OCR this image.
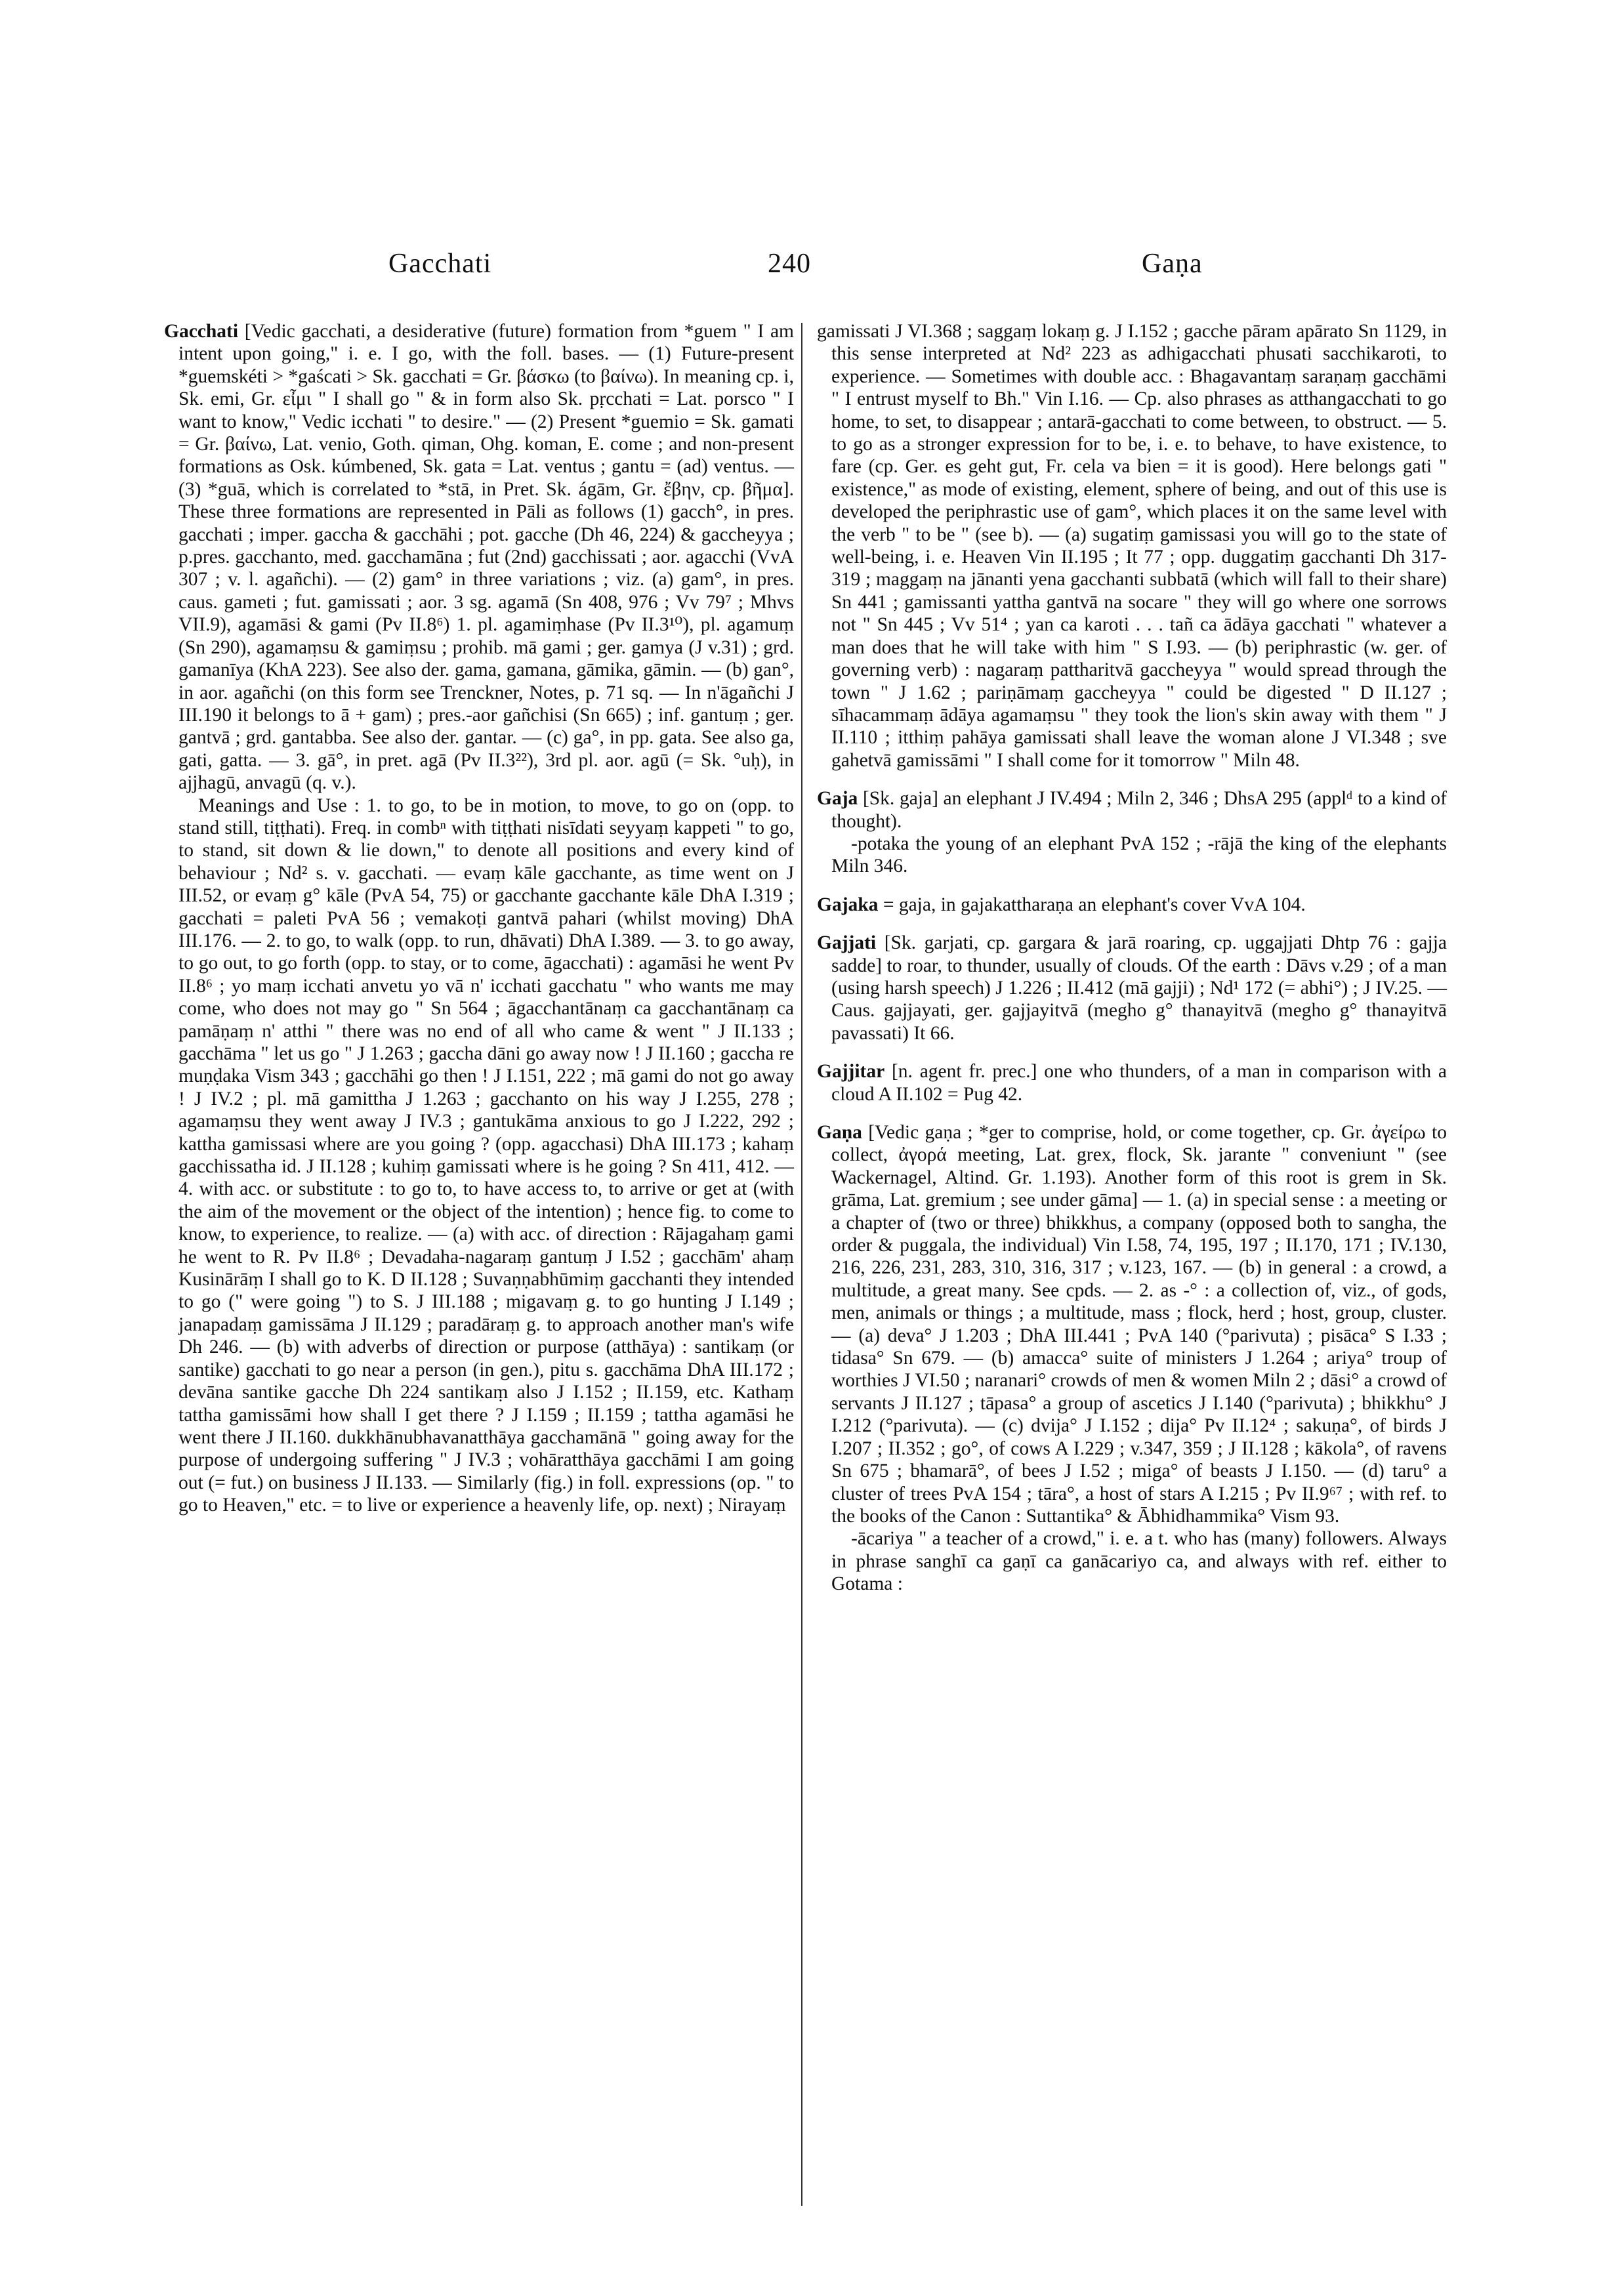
Gacchati	240	Gaṇa

Gacchati [Vedic gacchati, a desiderative (future) formation from *guem " I am intent upon going," i. e. I go, with the foll. bases. — (1) Future-present *guemskéti > *gaścati > Sk. gacchati = Gr. βάσκω (to βαίνω). In meaning cp. i, Sk. emi, Gr. εἶμι " I shall go " & in form also Sk. pṛcchati = Lat. porsco " I want to know," Vedic icchati " to desire." — (2) Present *guemio = Sk. gamati = Gr. βαίνω, Lat. venio, Goth. qiman, Ohg. koman, E. come ; and non-present formations as Osk. kúmbened, Sk. gata = Lat. ventus ; gantu = (ad) ventus. — (3) *guā, which is correlated to *stā, in Pret. Sk. ágām, Gr. ἔβην, cp. βῆμα]. These three formations are represented in Pāli as follows (1) gacch°, in pres. gacchati ; imper. gaccha & gacchāhi ; pot. gacche (Dh 46, 224) & gaccheyya ; p.pres. gacchanto, med. gacchamāna ; fut (2nd) gacchissati ; aor. agacchi (VvA 307 ; v. l. agañchi). — (2) gam° in three variations ; viz. (a) gam°, in pres. caus. gameti ; fut. gamissati ; aor. 3 sg. agamā (Sn 408, 976 ; Vv 79⁷ ; Mhvs VII.9), agamāsi & gami (Pv II.8⁶) 1. pl. agamiṃhase (Pv II.3¹⁰), pl. agamuṃ (Sn 290), agamaṃsu & gamiṃsu ; prohib. mā gami ; ger. gamya (J v.31) ; grd. gamanīya (KhA 223). See also der. gama, gamana, gāmika, gāmin. — (b) gan°, in aor. agañchi (on this form see Trenckner, Notes, p. 71 sq. — In n'āgañchi J III.190 it belongs to ā + gam) ; pres.-aor gañchisi (Sn 665) ; inf. gantuṃ ; ger. gantvā ; grd. gantabba. See also der. gantar. — (c) ga°, in pp. gata. See also ga, gati, gatta. — 3. gā°, in pret. agā (Pv II.3²²), 3rd pl. aor. agū (= Sk. °uḥ), in ajjhagū, anvagū (q. v.).

Meanings and Use : 1. to go, to be in motion, to move, to go on (opp. to stand still, tiṭṭhati). Freq. in combⁿ with tiṭṭhati nisīdati seyyaṃ kappeti " to go, to stand, sit down & lie down," to denote all positions and every kind of behaviour ; Nd² s. v. gacchati. — evaṃ kāle gacchante, as time went on J III.52, or evaṃ g° kāle (PvA 54, 75) or gacchante gacchante kāle DhA I.319 ; gacchati = paleti PvA 56 ; vemakoṭi gantvā pahari (whilst moving) DhA III.176. — 2. to go, to walk (opp. to run, dhāvati) DhA I.389. — 3. to go away, to go out, to go forth (opp. to stay, or to come, āgacchati) : agamāsi he went Pv II.8⁶ ; yo maṃ icchati anvetu yo vā n' icchati gacchatu " who wants me may come, who does not may go " Sn 564 ; āgacchantānaṃ ca gacchantānaṃ ca pamāṇaṃ n' atthi " there was no end of all who came & went " J II.133 ; gacchāma " let us go " J 1.263 ; gaccha dāni go away now ! J II.160 ; gaccha re muṇḍaka Vism 343 ; gacchāhi go then ! J I.151, 222 ; mā gami do not go away ! J IV.2 ; pl. mā gamittha J 1.263 ; gacchanto on his way J I.255, 278 ; agamaṃsu they went away J IV.3 ; gantukāma anxious to go J I.222, 292 ; kattha gamissasi where are you going ? (opp. agacchasi) DhA III.173 ; kahaṃ gacchissatha id. J II.128 ; kuhiṃ gamissati where is he going ? Sn 411, 412. — 4. with acc. or substitute : to go to, to have access to, to arrive or get at (with the aim of the movement or the object of the intention) ; hence fig. to come to know, to experience, to realize. — (a) with acc. of direction : Rājagahaṃ gami he went to R. Pv II.8⁶ ; Devadaha-nagaraṃ gantuṃ J I.52 ; gacchām' ahaṃ Kusinārāṃ I shall go to K. D II.128 ; Suvaṇṇabhūmiṃ gacchanti they intended to go (" were going ") to S. J III.188 ; migavaṃ g. to go hunting J I.149 ; janapadaṃ gamissāma J II.129 ; paradāraṃ g. to approach another man's wife Dh 246. — (b) with adverbs of direction or purpose (atthāya) : santikaṃ (or santike) gacchati to go near a person (in gen.), pitu s. gacchāma DhA III.172 ; devāna santike gacche Dh 224 santikaṃ also J I.152 ; II.159, etc. Kathaṃ tattha gamissāmi how shall I get there ? J I.159 ; II.159 ; tattha agamāsi he went there J II.160. dukkhānubhavanatthāya gacchamānā " going away for the purpose of undergoing suffering " J IV.3 ; vohāratthāya gacchāmi I am going out (= fut.) on business J II.133. — Similarly (fig.) in foll. expressions (op. " to go to Heaven," etc. = to live or experience a heavenly life, op. next) ; Nirayaṃ

gamissati J VI.368 ; saggaṃ lokaṃ g. J I.152 ; gacche pāram apārato Sn 1129, in this sense interpreted at Nd² 223 as adhigacchati phusati sacchikaroti, to experience. — Sometimes with double acc. : Bhagavantaṃ saraṇaṃ gacchāmi " I entrust myself to Bh." Vin I.16. — Cp. also phrases as atthangacchati to go home, to set, to disappear ; antarā-gacchati to come between, to obstruct. — 5. to go as a stronger expression for to be, i. e. to behave, to have existence, to fare (cp. Ger. es geht gut, Fr. cela va bien = it is good). Here belongs gati " existence," as mode of existing, element, sphere of being, and out of this use is developed the periphrastic use of gam°, which places it on the same level with the verb " to be " (see b). — (a) sugatiṃ gamissasi you will go to the state of well-being, i. e. Heaven Vin II.195 ; It 77 ; opp. duggatiṃ gacchanti Dh 317-319 ; maggaṃ na jānanti yena gacchanti subbatā (which will fall to their share) Sn 441 ; gamissanti yattha gantvā na socare " they will go where one sorrows not " Sn 445 ; Vv 51⁴ ; yan ca karoti . . . tañ ca ādāya gacchati " whatever a man does that he will take with him " S I.93. — (b) periphrastic (w. ger. of governing verb) : nagaraṃ pattharitvā gaccheyya " would spread through the town " J 1.62 ; pariṇāmaṃ gaccheyya " could be digested " D II.127 ; sīhacammaṃ ādāya agamaṃsu " they took the lion's skin away with them " J II.110 ; itthiṃ pahāya gamissati shall leave the woman alone J VI.348 ; sve gahetvā gamissāmi " I shall come for it tomorrow " Miln 48.

Gaja [Sk. gaja] an elephant J IV.494 ; Miln 2, 346 ; DhsA 295 (applᵈ to a kind of thought).

-potaka the young of an elephant PvA 152 ; -rājā the king of the elephants Miln 346.

Gajaka = gaja, in gajakattharaṇa an elephant's cover VvA 104.

Gajjati [Sk. garjati, cp. gargara & jarā roaring, cp. uggajjati Dhtp 76 : gajja sadde] to roar, to thunder, usually of clouds. Of the earth : Dāvs v.29 ; of a man (using harsh speech) J 1.226 ; II.412 (mā gajji) ; Nd¹ 172 (= abhi°) ; J IV.25. — Caus. gajjayati, ger. gajjayitvā (megho g° thanayitvā (megho g° thanayitvā pavassati) It 66.

Gajjitar [n. agent fr. prec.] one who thunders, of a man in comparison with a cloud A II.102 = Pug 42.

Gaṇa [Vedic gaṇa ; *ger to comprise, hold, or come together, cp. Gr. ἀγείρω to collect, ἀγορά meeting, Lat. grex, flock, Sk. jarante " conveniunt " (see Wackernagel, Altind. Gr. 1.193). Another form of this root is grem in Sk. grāma, Lat. gremium ; see under gāma] — 1. (a) in special sense : a meeting or a chapter of (two or three) bhikkhus, a company (opposed both to sangha, the order & puggala, the individual) Vin I.58, 74, 195, 197 ; II.170, 171 ; IV.130, 216, 226, 231, 283, 310, 316, 317 ; v.123, 167. — (b) in general : a crowd, a multitude, a great many. See cpds. — 2. as -° : a collection of, viz., of gods, men, animals or things ; a multitude, mass ; flock, herd ; host, group, cluster. — (a) deva° J 1.203 ; DhA III.441 ; PvA 140 (°parivuta) ; pisāca° S I.33 ; tidasa° Sn 679. — (b) amacca° suite of ministers J 1.264 ; ariya° troup of worthies J VI.50 ; naranari° crowds of men & women Miln 2 ; dāsi° a crowd of servants J II.127 ; tāpasa° a group of ascetics J I.140 (°parivuta) ; bhikkhu° J I.212 (°parivuta). — (c) dvija° J I.152 ; dija° Pv II.12⁴ ; sakuṇa°, of birds J I.207 ; II.352 ; go°, of cows A I.229 ; v.347, 359 ; J II.128 ; kākola°, of ravens Sn 675 ; bhamarā°, of bees J I.52 ; miga° of beasts J I.150. — (d) taru° a cluster of trees PvA 154 ; tāra°, a host of stars A I.215 ; Pv II.9⁶⁷ ; with ref. to the books of the Canon : Suttantika° & Ābhidhammika° Vism 93.

-ācariya " a teacher of a crowd," i. e. a t. who has (many) followers. Always in phrase sanghī ca gaṇī ca ganācariyo ca, and always with ref. either to Gotama :
